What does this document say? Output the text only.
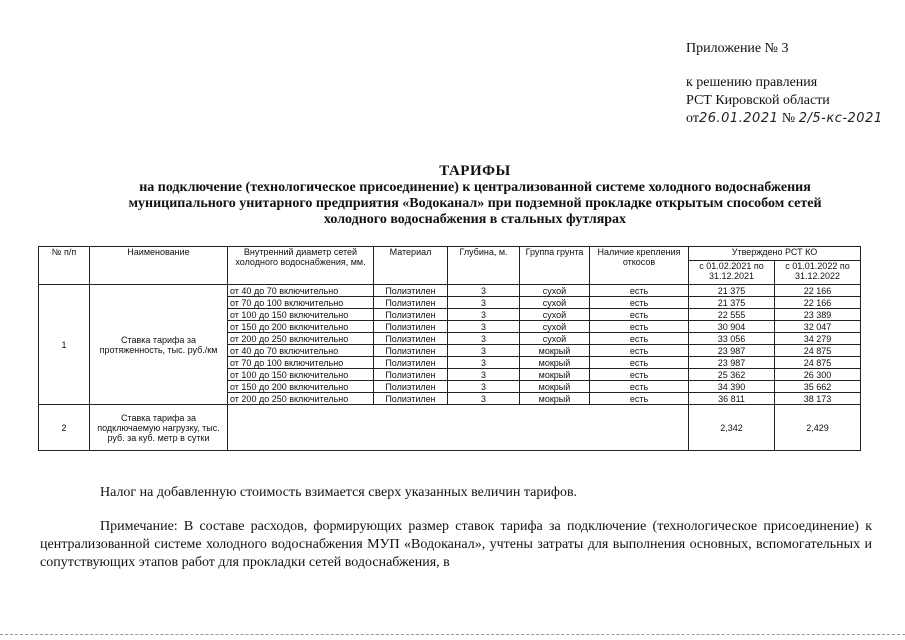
Приложение № 3
к решению правления
РСТ Кировской области
от26.01.2021 № 2/5-кс-2021
ТАРИФЫ
на подключение (технологическое присоединение) к централизованной системе холодного водоснабжения
муниципального унитарного предприятия «Водоканал» при подземной прокладке открытым способом сетей
холодного водоснабжения в стальных футлярах
№ п/п	Наименование	Внутренний диаметр сетей холодного водоснабжения, мм.	Материал	Глубина, м.	Группа грунта	Наличие крепления откосов	Утверждено РСТ КО	
							с 01.02.2021 по 31.12.2021	с 01.01.2022 по 31.12.2022
1	Ставка тарифа за протяженность, тыс. руб./км	от 40 до 70 включительно	Полиэтилен	3	сухой	есть	21 375	22 166
		от 70 до 100 включительно	Полиэтилен	3	сухой	есть	21 375	22 166
		от 100 до 150 включительно	Полиэтилен	3	сухой	есть	22 555	23 389
		от 150 до 200 включительно	Полиэтилен	3	сухой	есть	30 904	32 047
		от 200 до 250 включительно	Полиэтилен	3	сухой	есть	33 056	34 279
		от 40 до 70 включительно	Полиэтилен	3	мокрый	есть	23 987	24 875
		от 70 до 100 включительно	Полиэтилен	3	мокрый	есть	23 987	24 875
		от 100 до 150 включительно	Полиэтилен	3	мокрый	есть	25 362	26 300
		от 150 до 200 включительно	Полиэтилен	3	мокрый	есть	34 390	35 662
		от 200 до 250 включительно	Полиэтилен	3	мокрый	есть	36 811	38 173
2	Ставка тарифа за подключаемую нагрузку, тыс. руб. за куб. метр в сутки						2,342	2,429
Налог на добавленную стоимость взимается сверх указанных величин тарифов.
Примечание: В составе расходов, формирующих размер ставок тарифа за подключение (технологическое присоединение) к централизованной системе холодного водоснабжения МУП «Водоканал», учтены затраты для выполнения основных, вспомогательных и сопутствующих этапов работ для прокладки сетей водоснабжения, в
